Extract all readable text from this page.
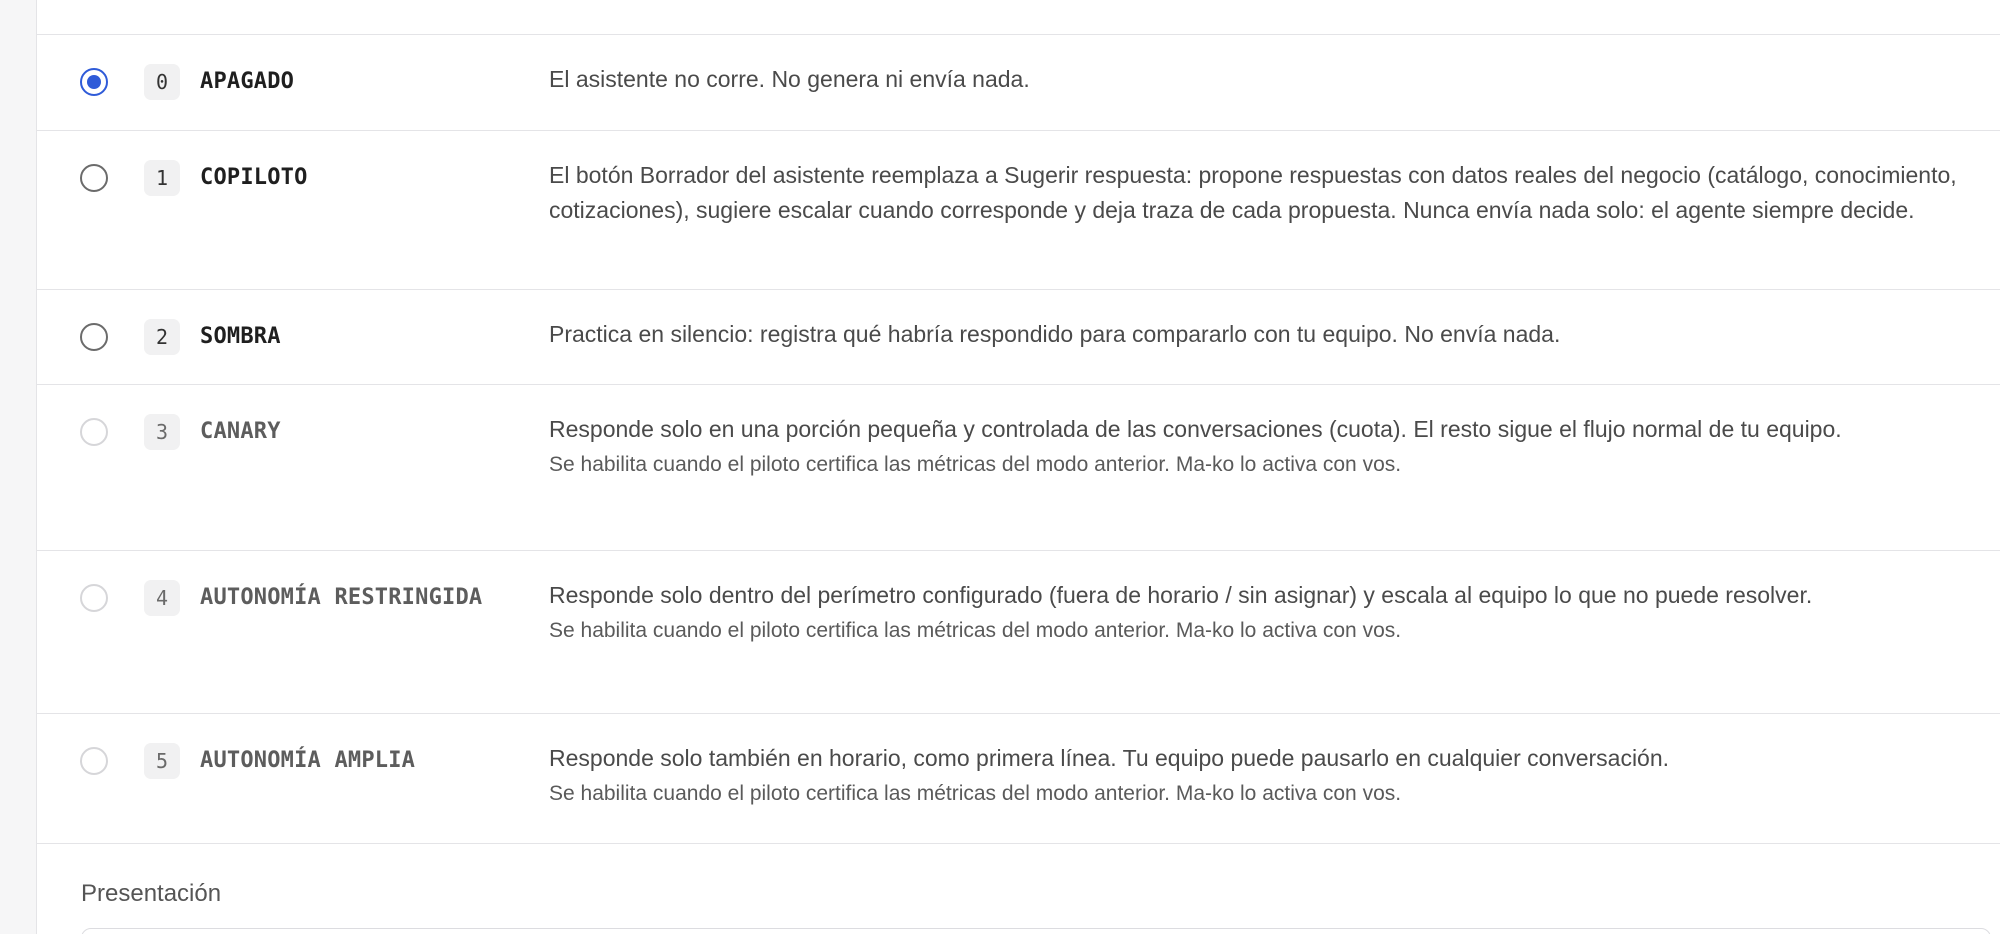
0	APAGADO	El asistente no corre. No genera ni envía nada.

1	COPILOTO	El botón Borrador del asistente reemplaza a Sugerir respuesta: propone respuestas con datos reales del negocio (catálogo, conocimiento, cotizaciones), sugiere escalar cuando corresponde y deja traza de cada propuesta. Nunca envía nada solo: el agente siempre decide.

2	SOMBRA	Practica en silencio: registra qué habría respondido para compararlo con tu equipo. No envía nada.

3	CANARY	Responde solo en una porción pequeña y controlada de las conversaciones (cuota). El resto sigue el flujo normal de tu equipo.

Se habilita cuando el piloto certifica las métricas del modo anterior. Ma-ko lo activa con vos.

4	AUTONOMÍA RESTRINGIDA	Responde solo dentro del perímetro configurado (fuera de horario / sin asignar) y escala al equipo lo que no puede resolver.

Se habilita cuando el piloto certifica las métricas del modo anterior. Ma-ko lo activa con vos.

5	AUTONOMÍA AMPLIA	Responde solo también en horario, como primera línea. Tu equipo puede pausarlo en cualquier conversación.

Se habilita cuando el piloto certifica las métricas del modo anterior. Ma-ko lo activa con vos.

Presentación
